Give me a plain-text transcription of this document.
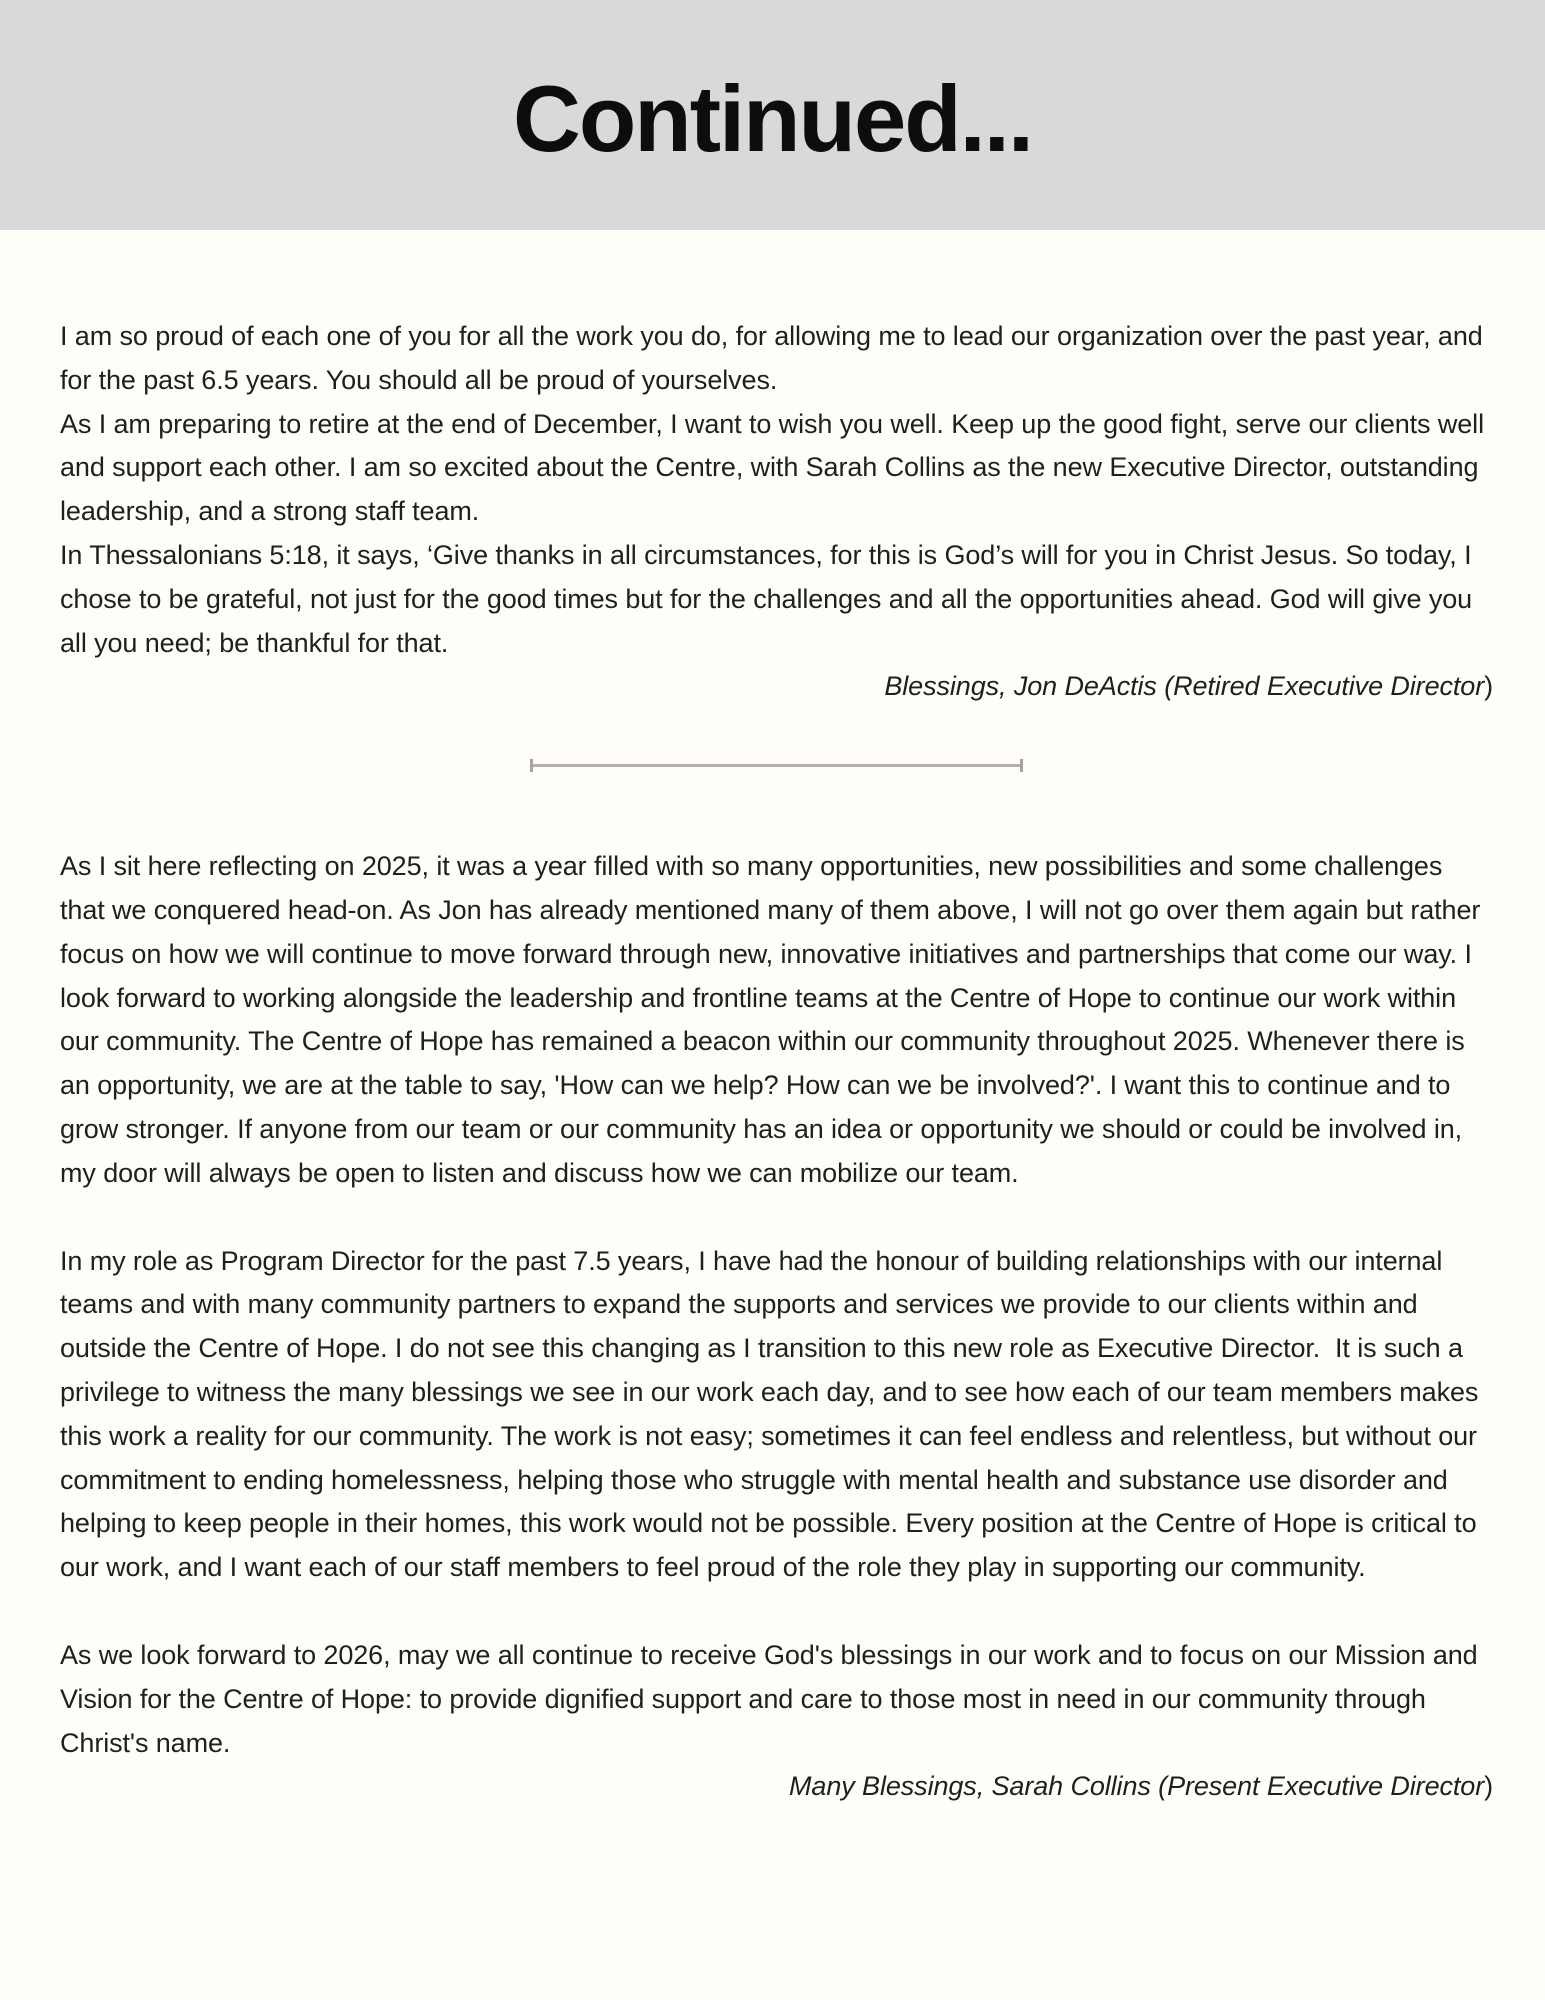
Continued...

I am so proud of each one of you for all the work you do, for allowing me to lead our organization over the past year, and for the past 6.5 years. You should all be proud of yourselves.

As I am preparing to retire at the end of December, I want to wish you well. Keep up the good fight, serve our clients well and support each other. I am so excited about the Centre, with Sarah Collins as the new Executive Director, outstanding leadership, and a strong staff team.

In Thessalonians 5:18, it says, ‘Give thanks in all circumstances, for this is God’s will for you in Christ Jesus. So today, I chose to be grateful, not just for the good times but for the challenges and all the opportunities ahead. God will give you all you need; be thankful for that.

Blessings, Jon DeActis (Retired Executive Director)

As I sit here reflecting on 2025, it was a year filled with so many opportunities, new possibilities and some challenges that we conquered head-on. As Jon has already mentioned many of them above, I will not go over them again but rather focus on how we will continue to move forward through new, innovative initiatives and partnerships that come our way. I look forward to working alongside the leadership and frontline teams at the Centre of Hope to continue our work within our community. The Centre of Hope has remained a beacon within our community throughout 2025. Whenever there is an opportunity, we are at the table to say, 'How can we help? How can we be involved?'. I want this to continue and to grow stronger. If anyone from our team or our community has an idea or opportunity we should or could be involved in, my door will always be open to listen and discuss how we can mobilize our team.

In my role as Program Director for the past 7.5 years, I have had the honour of building relationships with our internal teams and with many community partners to expand the supports and services we provide to our clients within and outside the Centre of Hope. I do not see this changing as I transition to this new role as Executive Director.  It is such a privilege to witness the many blessings we see in our work each day, and to see how each of our team members makes this work a reality for our community. The work is not easy; sometimes it can feel endless and relentless, but without our commitment to ending homelessness, helping those who struggle with mental health and substance use disorder and helping to keep people in their homes, this work would not be possible. Every position at the Centre of Hope is critical to our work, and I want each of our staff members to feel proud of the role they play in supporting our community.

As we look forward to 2026, may we all continue to receive God's blessings in our work and to focus on our Mission and Vision for the Centre of Hope: to provide dignified support and care to those most in need in our community through Christ's name.

Many Blessings, Sarah Collins (Present Executive Director)
